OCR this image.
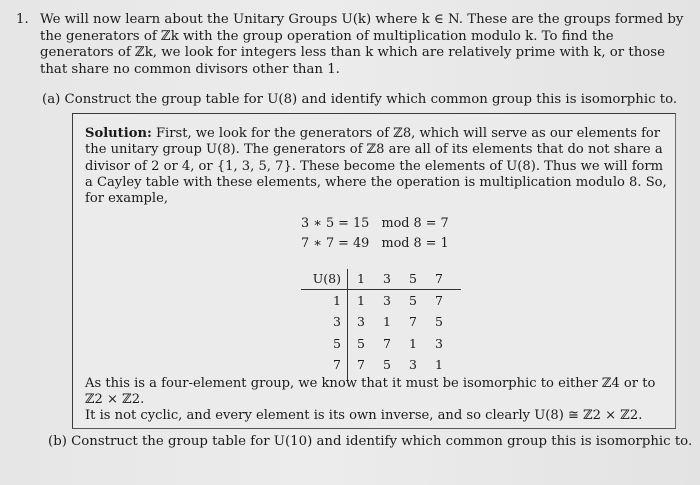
1. We will now learn about the Unitary Groups U(k) where k ∈ N. These are the groups formed by the generators of ℤk with the group operation of multiplication modulo k. To find the generators of ℤk, we look for integers less than k which are relatively prime with k, or those that share no common divisors other than 1.
(a) Construct the group table for U(8) and identify which common group this is isomorphic to.
Solution: First, we look for the generators of ℤ8, which will serve as our elements for the unitary group U(8). The generators of ℤ8 are all of its elements that do not share a divisor of 2 or 4, or {1, 3, 5, 7}. These become the elements of U(8). Thus we will form a Cayley table with these elements, where the operation is multiplication modulo 8. So, for example,
3 ∗ 5 = 15   mod 8 = 7
7 ∗ 7 = 49   mod 8 = 1
U(8)	1	3	5	7
1	1	3	5	7
3	3	1	7	5
5	5	7	1	3
7	7	5	3	1
As this is a four-element group, we know that it must be isomorphic to either ℤ4 or to ℤ2 × ℤ2.
It is not cyclic, and every element is its own inverse, and so clearly U(8) ≅ ℤ2 × ℤ2.
(b) Construct the group table for U(10) and identify which common group this is isomorphic to.
